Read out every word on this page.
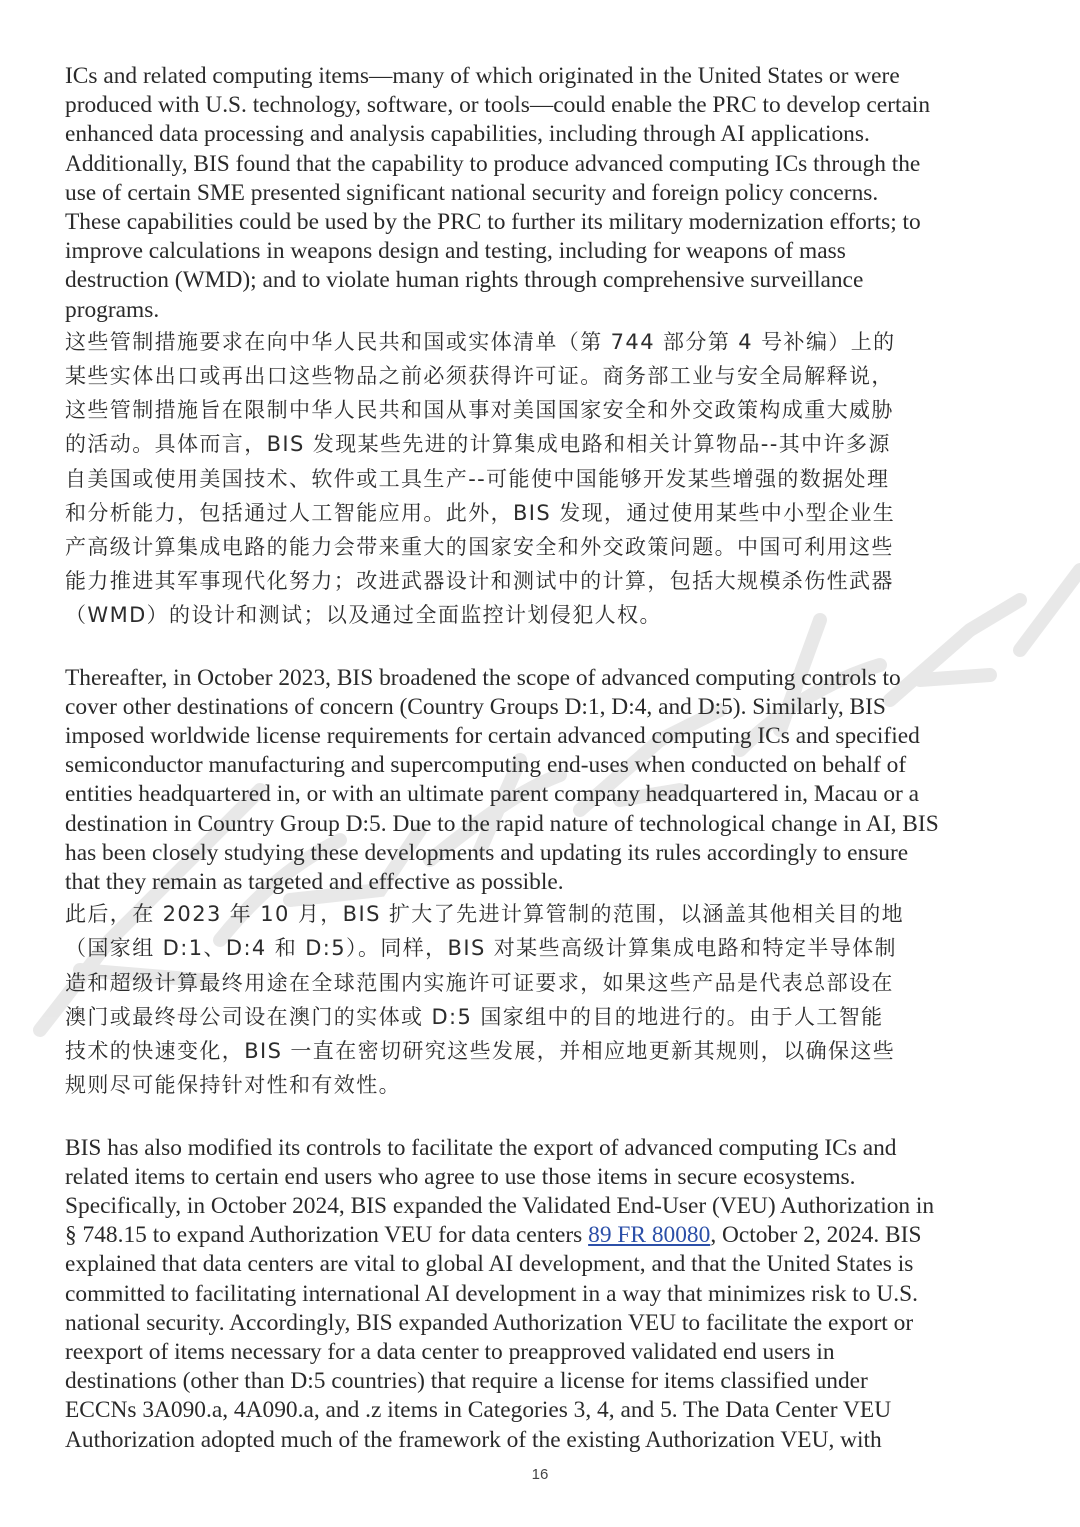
ICs and related computing items—many of which originated in the United States or were
produced with U.S. technology, software, or tools—could enable the PRC to develop certain
enhanced data processing and analysis capabilities, including through AI applications.
Additionally, BIS found that the capability to produce advanced computing ICs through the
use of certain SME presented significant national security and foreign policy concerns.
These capabilities could be used by the PRC to further its military modernization efforts; to
improve calculations in weapons design and testing, including for weapons of mass
destruction (WMD); and to violate human rights through comprehensive surveillance
programs.

这些管制措施要求在向中华人民共和国或实体清单（第 744 部分第 4 号补编）上的
某些实体出口或再出口这些物品之前必须获得许可证。商务部工业与安全局解释说，
这些管制措施旨在限制中华人民共和国从事对美国国家安全和外交政策构成重大威胁
的活动。具体而言，BIS 发现某些先进的计算集成电路和相关计算物品--其中许多源
自美国或使用美国技术、软件或工具生产--可能使中国能够开发某些增强的数据处理
和分析能力，包括通过人工智能应用。此外，BIS 发现，通过使用某些中小型企业生
产高级计算集成电路的能力会带来重大的国家安全和外交政策问题。中国可利用这些
能力推进其军事现代化努力；改进武器设计和测试中的计算，包括大规模杀伤性武器
（WMD）的设计和测试；以及通过全面监控计划侵犯人权。

Thereafter, in October 2023, BIS broadened the scope of advanced computing controls to
cover other destinations of concern (Country Groups D:1, D:4, and D:5). Similarly, BIS
imposed worldwide license requirements for certain advanced computing ICs and specified
semiconductor manufacturing and supercomputing end-uses when conducted on behalf of
entities headquartered in, or with an ultimate parent company headquartered in, Macau or a
destination in Country Group D:5. Due to the rapid nature of technological change in AI, BIS
has been closely studying these developments and updating its rules accordingly to ensure
that they remain as targeted and effective as possible.

此后，在 2023 年 10 月，BIS 扩大了先进计算管制的范围，以涵盖其他相关目的地
（国家组 D:1、D:4 和 D:5）。同样，BIS 对某些高级计算集成电路和特定半导体制
造和超级计算最终用途在全球范围内实施许可证要求，如果这些产品是代表总部设在
澳门或最终母公司设在澳门的实体或 D:5 国家组中的目的地进行的。由于人工智能
技术的快速变化，BIS 一直在密切研究这些发展，并相应地更新其规则，以确保这些
规则尽可能保持针对性和有效性。

BIS has also modified its controls to facilitate the export of advanced computing ICs and
related items to certain end users who agree to use those items in secure ecosystems.
Specifically, in October 2024, BIS expanded the Validated End-User (VEU) Authorization in
§ 748.15 to expand Authorization VEU for data centers 89 FR 80080, October 2, 2024. BIS
explained that data centers are vital to global AI development, and that the United States is
committed to facilitating international AI development in a way that minimizes risk to U.S.
national security. Accordingly, BIS expanded Authorization VEU to facilitate the export or
reexport of items necessary for a data center to preapproved validated end users in
destinations (other than D:5 countries) that require a license for items classified under
ECCNs 3A090.a, 4A090.a, and .z items in Categories 3, 4, and 5. The Data Center VEU
Authorization adopted much of the framework of the existing Authorization VEU, with

16
